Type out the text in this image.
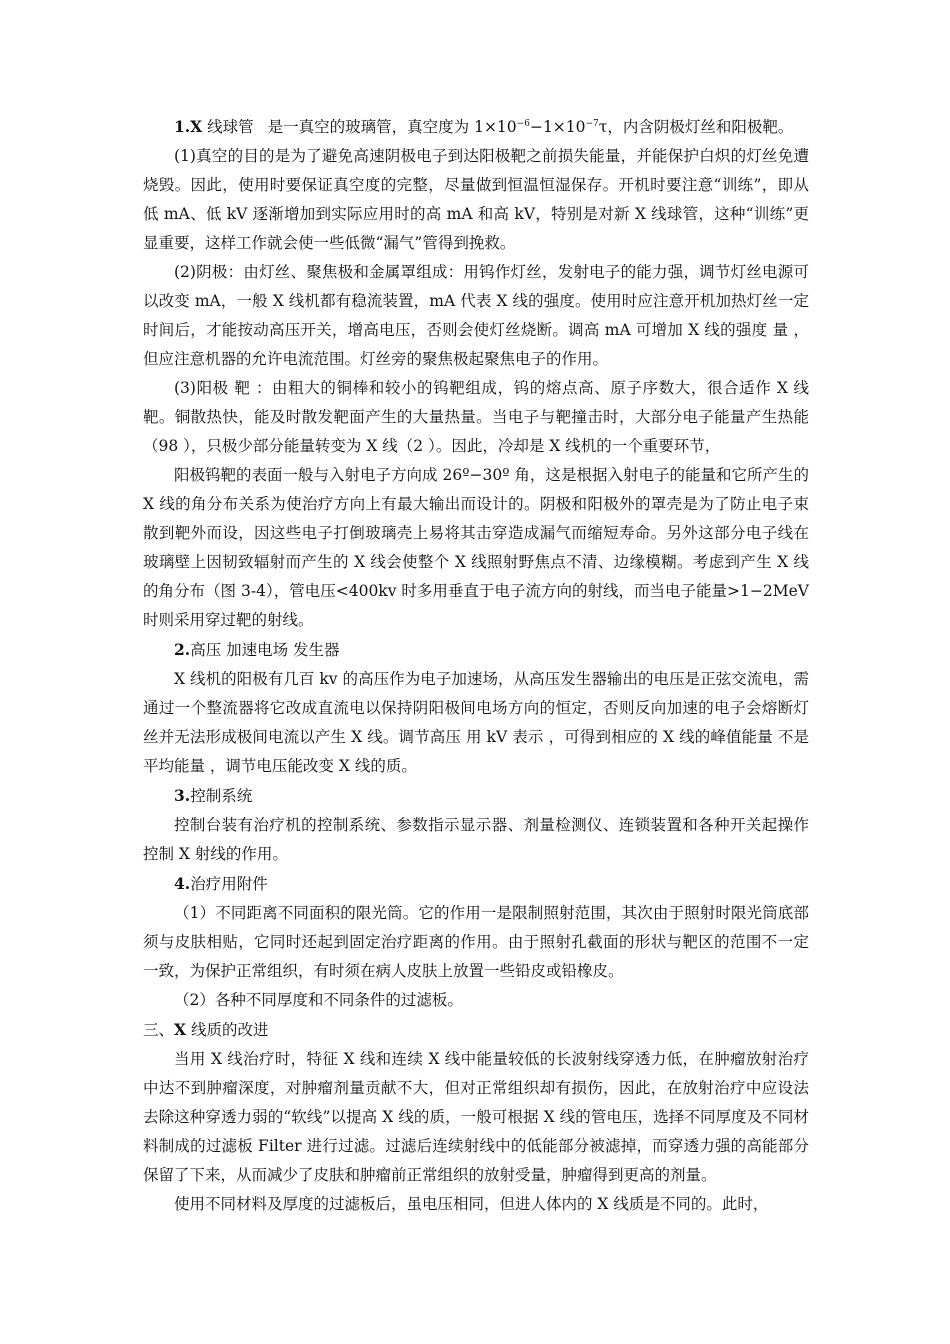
1.X 线球管 是一真空的玻璃管，真空度为 $1\times 10^{-6}-1\times 10^{-7}\tau$，内含阴极灯丝和阳极靶。

(1)真空的目的是为了避免高速阴极电子到达阳极靶之前损失能量，并能保护白炽的灯丝免遭烧毁。因此，使用时要保证真空度的完整，尽量做到恒温恒湿保存。开机时要注意“训练”，即从低 mA、低 kV 逐渐增加到实际应用时的高 mA 和高 kV，特别是对新 X 线球管，这种“训练”更显重要，这样工作就会使一些低微“漏气”管得到挽救。

(2)阴极：由灯丝、聚焦极和金属罩组成：用钨作灯丝，发射电子的能力强，调节灯丝电源可以改变 mA，一般 X 线机都有稳流装置，mA 代表 X 线的强度。使用时应注意开机加热灯丝一定时间后，才能按动高压开关，增高电压，否则会使灯丝烧断。调高 mA 可增加 X 线的强度 量 ，但应注意机器的允许电流范围。灯丝旁的聚焦极起聚焦电子的作用。

(3)阳极 靶 ：由粗大的铜棒和较小的钨靶组成，钨的熔点高、原子序数大，很合适作 X 线靶。铜散热快，能及时散发靶面产生的大量热量。当电子与靶撞击时，大部分电子能量产生热能（98 ），只极少部分能量转变为 X 线（2 ）。因此，冷却是 X 线机的一个重要环节，

阳极钨靶的表面一般与入射电子方向成 26º−30º 角，这是根据入射电子的能量和它所产生的 X 线的角分布关系为使治疗方向上有最大输出而设计的。阴极和阳极外的罩壳是为了防止电子束散到靶外而设，因这些电子打倒玻璃壳上易将其击穿造成漏气而缩短寿命。另外这部分电子线在玻璃壁上因韧致辐射而产生的 X 线会使整个 X 线照射野焦点不清、边缘模糊。考虑到产生 X 线的角分布（图 3-4），管电压<400kv 时多用垂直于电子流方向的射线，而当电子能量>1−2MeV 时则采用穿过靶的射线。

2.高压 加速电场 发生器

X 线机的阳极有几百 kv 的高压作为电子加速场，从高压发生器输出的电压是正弦交流电，需通过一个整流器将它改成直流电以保持阴阳极间电场方向的恒定，否则反向加速的电子会熔断灯丝并无法形成极间电流以产生 X 线。调节高压 用 kV 表示 ，可得到相应的 X 线的峰值能量 不是平均能量 ，调节电压能改变 X 线的质。

3.控制系统

控制台装有治疗机的控制系统、参数指示显示器、剂量检测仪、连锁装置和各种开关起操作控制 X 射线的作用。

4.治疗用附件

（1）不同距离不同面积的限光筒。它的作用一是限制照射范围，其次由于照射时限光筒底部须与皮肤相贴，它同时还起到固定治疗距离的作用。由于照射孔截面的形状与靶区的范围不一定一致，为保护正常组织，有时须在病人皮肤上放置一些铅皮或铅橡皮。

（2）各种不同厚度和不同条件的过滤板。

三、X 线质的改进

当用 X 线治疗时，特征 X 线和连续 X 线中能量较低的长波射线穿透力低，在肿瘤放射治疗中达不到肿瘤深度，对肿瘤剂量贡献不大，但对正常组织却有损伤，因此，在放射治疗中应设法去除这种穿透力弱的“软线”以提高 X 线的质，一般可根据 X 线的管电压，选择不同厚度及不同材料制成的过滤板 Filter 进行过滤。过滤后连续射线中的低能部分被滤掉，而穿透力强的高能部分保留了下来，从而减少了皮肤和肿瘤前正常组织的放射受量，肿瘤得到更高的剂量。

使用不同材料及厚度的过滤板后，虽电压相同，但进人体内的 X 线质是不同的。此时，
